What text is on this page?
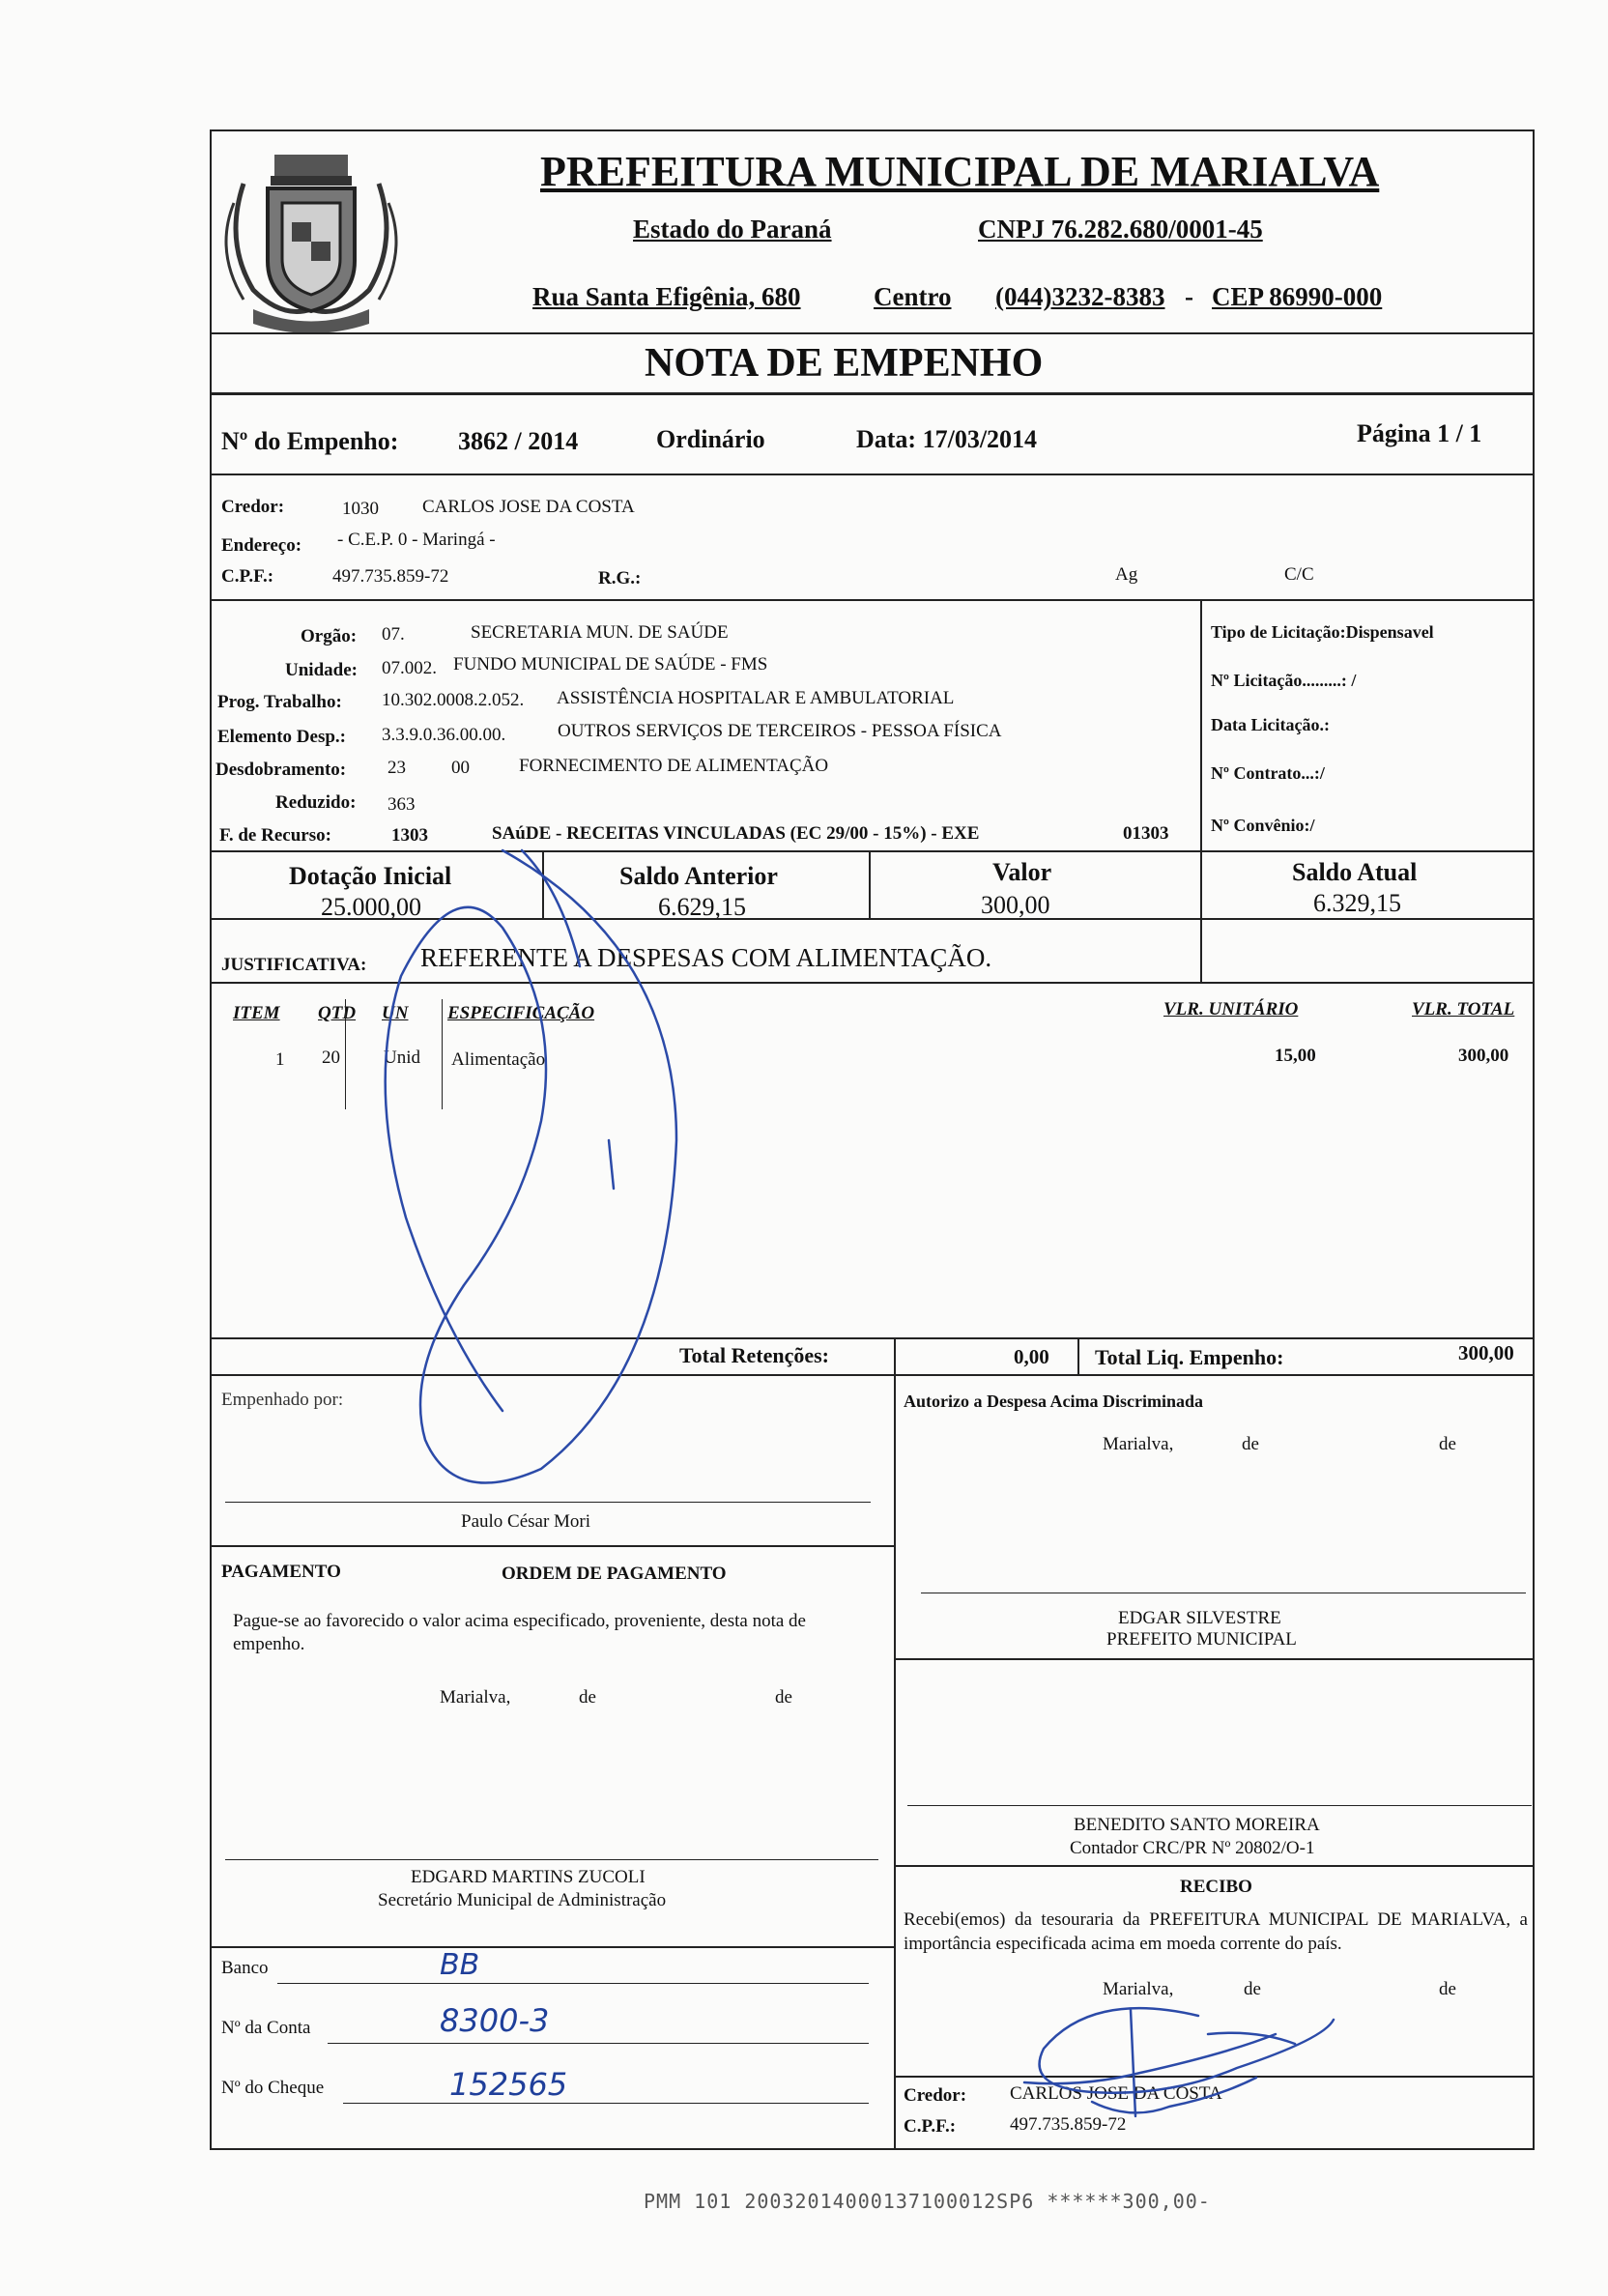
PREFEITURA MUNICIPAL DE MARIALVA
Estado do Paraná	CNPJ 76.282.680/0001-45
Rua Santa Efigênia, 680	Centro (044)3232-8383 - CEP 86990-000
NOTA DE EMPENHO
Nº do Empenho: 3862 / 2014	Ordinário	Data: 17/03/2014	Página 1 / 1
Credor:	1030 CARLOS JOSE DA COSTA
Endereço: - C.E.P. 0 - Maringá -
C.P.F.:	497.735.859-72	R.G.:	Ag	C/C
Orgão: 07.	SECRETARIA MUN. DE SAÚDE
Unidade: 07.002. FUNDO MUNICIPAL DE SAÚDE - FMS
Prog. Trabalho: 10.302.0008.2.052. ASSISTÊNCIA HOSPITALAR E AMBULATORIAL
Elemento Desp.: 3.3.9.0.36.00.00.	OUTROS SERVIÇOS DE TERCEIROS - PESSOA FÍSICA
Desdobramento: 23 00	FORNECIMENTO DE ALIMENTAÇÃO
Reduzido: 363
F. de Recurso:	1303	SAúDE - RECEITAS VINCULADAS (EC 29/00 - 15%) - EXE	01303
Tipo de Licitação:Dispensavel
Nº Licitação.........: /
Data Licitação.:
Nº Contrato...:/
Nº Convênio:/
Dotação Inicial
25.000,00
Saldo Anterior
6.629,15
Valor
300,00
Saldo Atual
6.329,15
JUSTIFICATIVA: REFERENTE A DESPESAS COM ALIMENTAÇÃO.
ITEM QTD UN ESPECIFICAÇÃO	VLR. UNITÁRIO	VLR. TOTAL
1 20 Unid Alimentação	15,00	300,00
Total Retenções:	0,00 Total Liq. Empenho:	300,00
Empenhado por:
Paulo César Mori
Autorizo a Despesa Acima Discriminada
Marialva,	de	de
EDGAR SILVESTRE
PREFEITO MUNICIPAL
PAGAMENTO	ORDEM DE PAGAMENTO
Pague-se ao favorecido o valor acima especificado, proveniente, desta nota de empenho.
Marialva,	de	de
BENEDITO SANTO MOREIRA
Contador CRC/PR Nº 20802/O-1
EDGARD MARTINS ZUCOLI
Secretário Municipal de Administração
Banco	BB
Nº da Conta	8300-3
Nº do Cheque	152565
RECIBO
Recebi(emos) da tesouraria da PREFEITURA MUNICIPAL DE MARIALVA, a importância especificada acima em moeda corrente do país.
Marialva,	de	de
Credor: CARLOS JOSE DA COSTA
C.P.F.:	497.735.859-72
PMM 101 20032014000137100012SP6 ******300,00-
